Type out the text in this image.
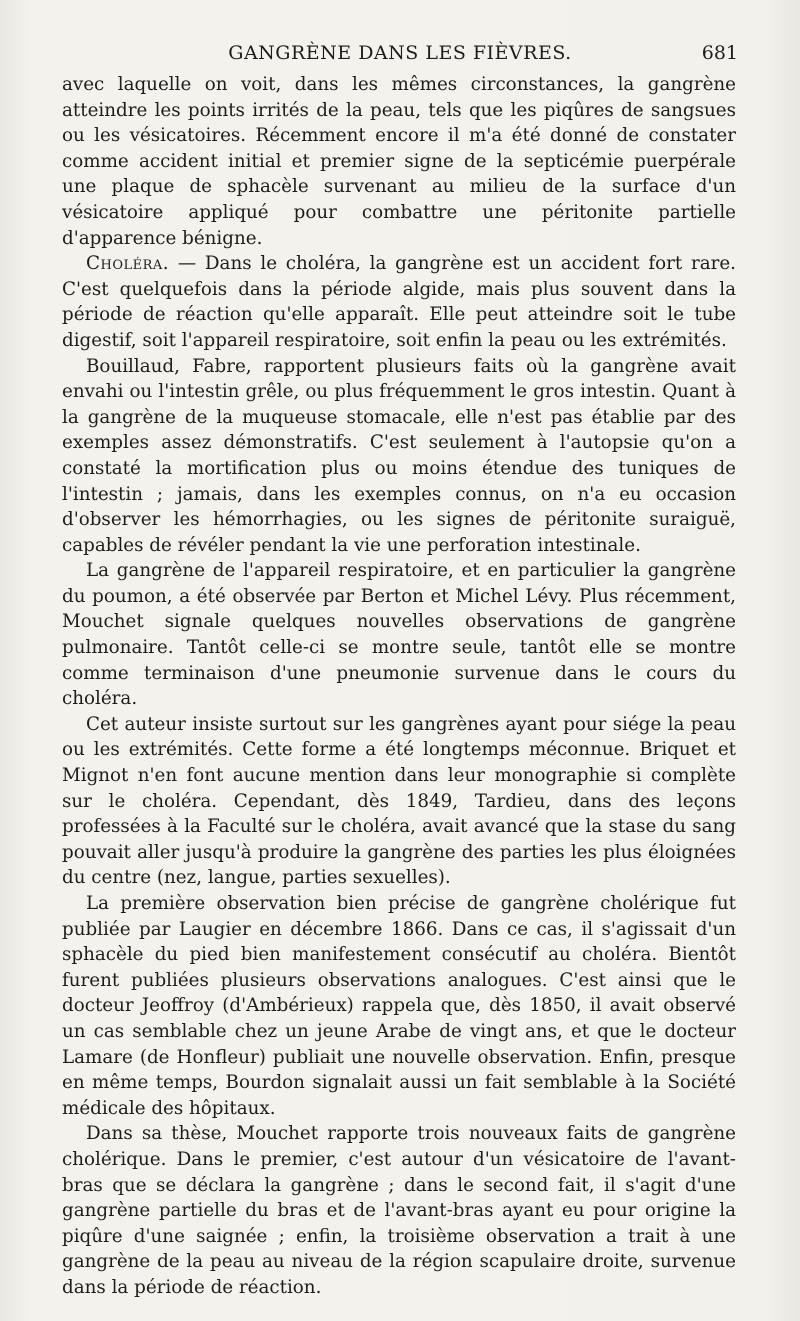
GANGRÈNE DANS LES FIÈVRES.	681

avec laquelle on voit, dans les mêmes circonstances, la gangrène atteindre les points irrités de la peau, tels que les piqûres de sangsues ou les vésicatoires. Récemment encore il m'a été donné de constater comme accident initial et premier signe de la septicémie puerpérale une plaque de sphacèle survenant au milieu de la surface d'un vésicatoire appliqué pour combattre une péritonite partielle d'apparence bénigne.

Choléra. — Dans le choléra, la gangrène est un accident fort rare. C'est quelquefois dans la période algide, mais plus souvent dans la période de réaction qu'elle apparaît. Elle peut atteindre soit le tube digestif, soit l'appareil respiratoire, soit enfin la peau ou les extrémités.

Bouillaud, Fabre, rapportent plusieurs faits où la gangrène avait envahi ou l'intestin grêle, ou plus fréquemment le gros intestin. Quant à la gangrène de la muqueuse stomacale, elle n'est pas établie par des exemples assez démonstratifs. C'est seulement à l'autopsie qu'on a constaté la mortification plus ou moins étendue des tuniques de l'intestin ; jamais, dans les exemples connus, on n'a eu occasion d'observer les hémorrhagies, ou les signes de péritonite suraiguë, capables de révéler pendant la vie une perforation intestinale.

La gangrène de l'appareil respiratoire, et en particulier la gangrène du poumon, a été observée par Berton et Michel Lévy. Plus récemment, Mouchet signale quelques nouvelles observations de gangrène pulmonaire. Tantôt celle-ci se montre seule, tantôt elle se montre comme terminaison d'une pneumonie survenue dans le cours du choléra.

Cet auteur insiste surtout sur les gangrènes ayant pour siége la peau ou les extrémités. Cette forme a été longtemps méconnue. Briquet et Mignot n'en font aucune mention dans leur monographie si complète sur le choléra. Cependant, dès 1849, Tardieu, dans des leçons professées à la Faculté sur le choléra, avait avancé que la stase du sang pouvait aller jusqu'à produire la gangrène des parties les plus éloignées du centre (nez, langue, parties sexuelles).

La première observation bien précise de gangrène cholérique fut publiée par Laugier en décembre 1866. Dans ce cas, il s'agissait d'un sphacèle du pied bien manifestement consécutif au choléra. Bientôt furent publiées plusieurs observations analogues. C'est ainsi que le docteur Jeoffroy (d'Ambérieux) rappela que, dès 1850, il avait observé un cas semblable chez un jeune Arabe de vingt ans, et que le docteur Lamare (de Honfleur) publiait une nouvelle observation. Enfin, presque en même temps, Bourdon signalait aussi un fait semblable à la Société médicale des hôpitaux.

Dans sa thèse, Mouchet rapporte trois nouveaux faits de gangrène cholérique. Dans le premier, c'est autour d'un vésicatoire de l'avant-bras que se déclara la gangrène ; dans le second fait, il s'agit d'une gangrène partielle du bras et de l'avant-bras ayant eu pour origine la piqûre d'une saignée ; enfin, la troisième observation a trait à une gangrène de la peau au niveau de la région scapulaire droite, survenue dans la période de réaction.
